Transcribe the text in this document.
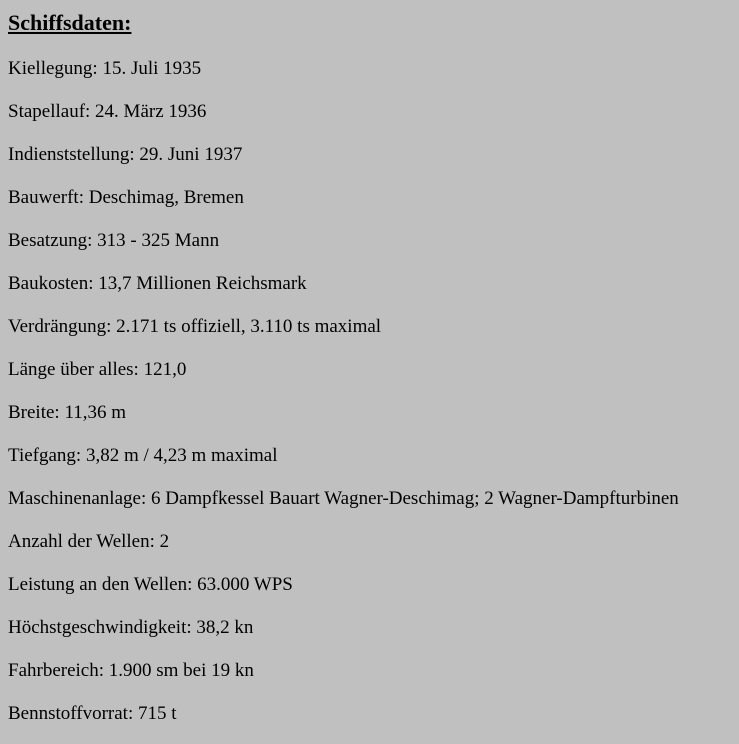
Schiffsdaten:
Kiellegung: 15. Juli 1935
Stapellauf: 24. März 1936
Indienststellung: 29. Juni 1937
Bauwerft: Deschimag, Bremen
Besatzung: 313 - 325 Mann
Baukosten: 13,7 Millionen Reichsmark
Verdrängung: 2.171 ts offiziell, 3.110 ts maximal
Länge über alles: 121,0
Breite: 11,36 m
Tiefgang: 3,82 m / 4,23 m maximal
Maschinenanlage: 6 Dampfkessel Bauart Wagner-Deschimag; 2 Wagner-Dampfturbinen
Anzahl der Wellen: 2
Leistung an den Wellen: 63.000 WPS
Höchstgeschwindigkeit: 38,2 kn
Fahrbereich: 1.900 sm bei 19 kn
Bennstoffvorrat: 715 t
